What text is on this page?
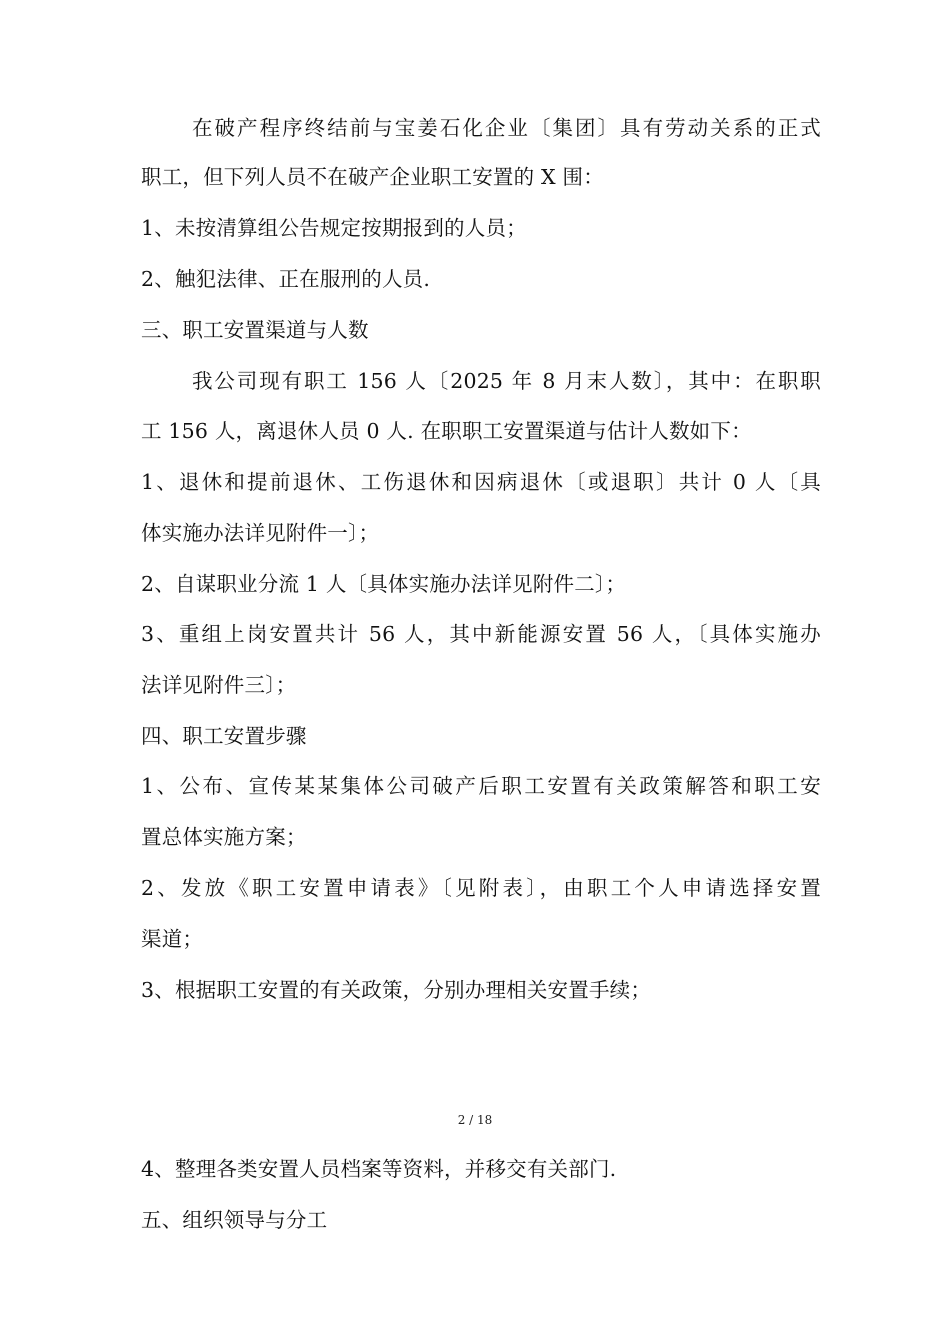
在破产程序终结前与宝姜石化企业〔集团〕具有劳动关系的正式
职工，但下列人员不在破产企业职工安置的 X 围：
1、未按清算组公告规定按期报到的人员；
2、触犯法律、正在服刑的人员.
三、职工安置渠道与人数
我公司现有职工 156 人〔2025 年 8 月末人数〕，其中：在职职
工 156 人，离退休人员 0 人. 在职职工安置渠道与估计人数如下：
1、退休和提前退休、工伤退休和因病退休〔或退职〕共计 0 人〔具
体实施办法详见附件一〕；
2、自谋职业分流 1 人〔具体实施办法详见附件二〕；
3、重组上岗安置共计 56 人，其中新能源安置 56 人，〔具体实施办
法详见附件三〕；
四、职工安置步骤
1、公布、宣传某某集体公司破产后职工安置有关政策解答和职工安
置总体实施方案；
2、发放《职工安置申请表》〔见附表〕，由职工个人申请选择安置
渠道；
3、根据职工安置的有关政策，分别办理相关安置手续；
2 / 18
4、整理各类安置人员档案等资料，并移交有关部门.
五、组织领导与分工
